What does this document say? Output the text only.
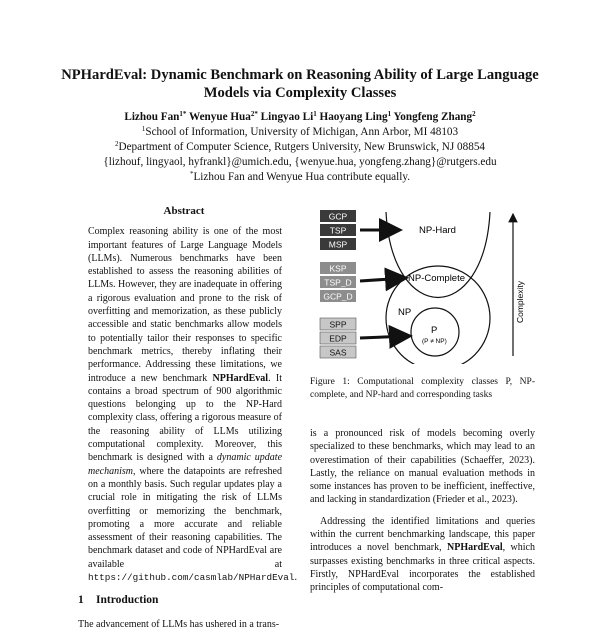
NPHardEval: Dynamic Benchmark on Reasoning Ability of Large Language Models via Complexity Classes
Lizhou Fan$^{1*}$ Wenyue Hua$^{2*}$ Lingyao Li$^1$ Haoyang Ling$^1$ Yongfeng Zhang$^2$
$^1$School of Information, University of Michigan, Ann Arbor, MI 48103
$^2$Department of Computer Science, Rutgers University, New Brunswick, NJ 08854
{lizhouf, lingyaol, hyfrankl}@umich.edu, {wenyue.hua, yongfeng.zhang}@rutgers.edu
*Lizhou Fan and Wenyue Hua contribute equally.
Abstract
Complex reasoning ability is one of the most important features of Large Language Models (LLMs). Numerous benchmarks have been established to assess the reasoning abilities of LLMs. However, they are inadequate in offering a rigorous evaluation and prone to the risk of overfitting and memorization, as these publicly accessible and static benchmarks allow models to potentially tailor their responses to specific benchmark metrics, thereby inflating their performance. Addressing these limitations, we introduce a new benchmark NPHardEval. It contains a broad spectrum of 900 algorithmic questions belonging up to the NP-Hard complexity class, offering a rigorous measure of the reasoning ability of LLMs utilizing computational complexity. Moreover, this benchmark is designed with a dynamic update mechanism, where the datapoints are refreshed on a monthly basis. Such regular updates play a crucial role in mitigating the risk of LLMs overfitting or memorizing the benchmark, promoting a more accurate and reliable assessment of their reasoning capabilities. The benchmark dataset and code of NPHardEval are available at https://github.com/casmlab/NPHardEval.
1 Introduction
The advancement of LLMs has ushered in a trans-
GCP
TSP
MSP
KSP
TSP_D
GCP_D
SPP
EDP
SAS
NP-Hard
NP-Complete
NP
P
(P ≠ NP)
Complexity
Figure 1: Computational complexity classes P, NP-complete, and NP-hard and corresponding tasks

is a pronounced risk of models becoming overly specialized to these benchmarks, which may lead to an overestimation of their capabilities (Schaeffer, 2023). Lastly, the reliance on manual evaluation methods in some instances has proven to be inefficient, ineffective, and lacking in standardization (Frieder et al., 2023).

Addressing the identified limitations and queries within the current benchmarking landscape, this paper introduces a novel benchmark, NPHardEval, which surpasses existing benchmarks in three critical aspects. Firstly, NPHardEval incorporates the established principles of computational com-
